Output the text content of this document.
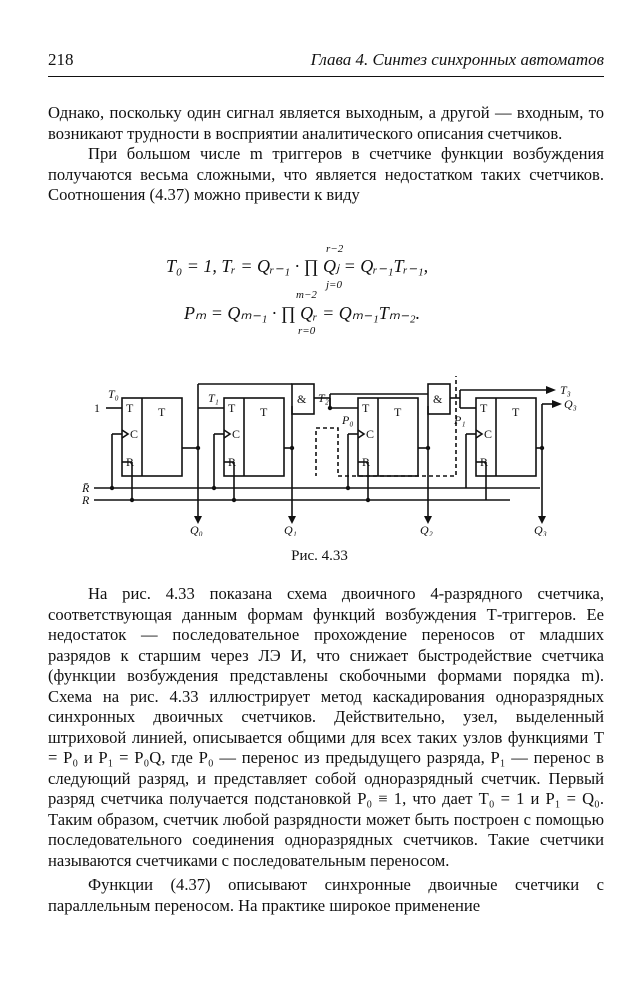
218	Глава 4. Синтез синхронных автоматов

Однако, поскольку один сигнал является выходным, а другой — входным, то возникают трудности в восприятии аналитического описания счетчиков.

При большом числе m триггеров в счетчике функции возбуждения получаются весьма сложными, что является недостатком таких счетчиков. Соотношения (4.37) можно привести к виду

T₀ = 1, Tᵣ = Qᵣ₋₁ · ∏ Qⱼ = Qᵣ₋₁Tᵣ₋₁,
r−2
j=0
Pₘ = Qₘ₋₁ · ∏ Qᵣ = Qₘ₋₁Tₘ₋₂.
m−2
r=0
1
T₀	T₁	T₂
T₃
P₀	P₁
Q₃
&	&
T
C
R
T	T
C
R
T	T
C
R
T	T
C
R
T
R̄
R
Q₀	Q₁	Q₂	Q₃
Рис. 4.33

На рис. 4.33 показана схема двоичного 4-разрядного счетчика, соответствующая данным формам функций возбуждения Т-триггеров. Ее недостаток — последовательное прохождение переносов от младших разрядов к старшим через ЛЭ И, что снижает быстродействие счетчика (функции возбуждения представлены скобочными формами порядка m). Схема на рис. 4.33 иллюстрирует метод каскадирования одноразрядных синхронных двоичных счетчиков. Действительно, узел, выделенный штриховой линией, описывается общими для всех таких узлов функциями T = P₀ и P₁ = P₀Q, где P₀ — перенос из предыдущего разряда, P₁ — перенос в следующий разряд, и представляет собой одноразрядный счетчик. Первый разряд счетчика получается подстановкой P₀ ≡ 1, что дает T₀ = 1 и P₁ = Q₀. Таким образом, счетчик любой разрядности может быть построен с помощью последовательного соединения одноразрядных счетчиков. Такие счетчики называются счетчиками с последовательным переносом.

Функции (4.37) описывают синхронные двоичные счетчики с параллельным переносом. На практике широкое применение
